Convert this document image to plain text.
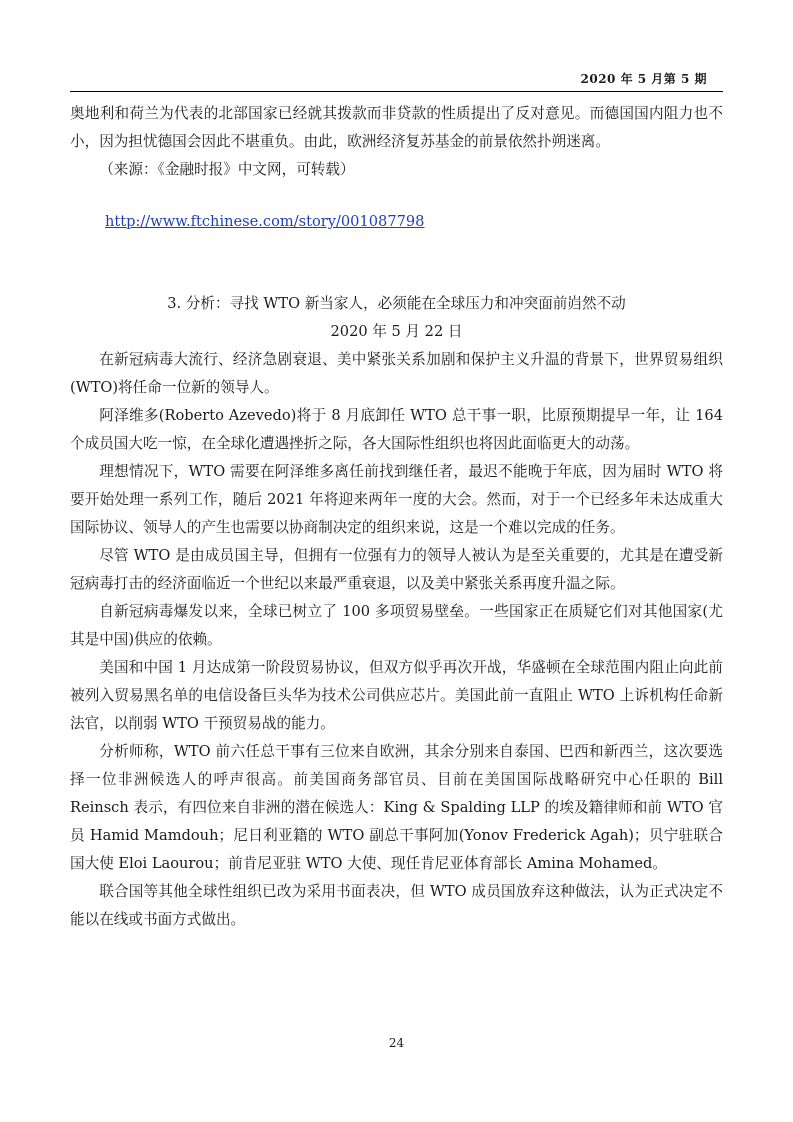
2020 年 5 月第 5 期

奥地利和荷兰为代表的北部国家已经就其拨款而非贷款的性质提出了反对意见。而德国国内阻力也不小，因为担忧德国会因此不堪重负。由此，欧洲经济复苏基金的前景依然扑朔迷离。

（来源：《金融时报》中文网，可转载）

http://www.ftchinese.com/story/001087798

3. 分析：寻找 WTO 新当家人，必须能在全球压力和冲突面前岿然不动

2020 年 5 月 22 日

在新冠病毒大流行、经济急剧衰退、美中紧张关系加剧和保护主义升温的背景下，世界贸易组织(WTO)将任命一位新的领导人。

阿泽维多(Roberto Azevedo)将于 8 月底卸任 WTO 总干事一职，比原预期提早一年，让 164 个成员国大吃一惊，在全球化遭遇挫折之际，各大国际性组织也将因此面临更大的动荡。

理想情况下，WTO 需要在阿泽维多离任前找到继任者，最迟不能晚于年底，因为届时 WTO 将要开始处理一系列工作，随后 2021 年将迎来两年一度的大会。然而，对于一个已经多年未达成重大国际协议、领导人的产生也需要以协商制决定的组织来说，这是一个难以完成的任务。

尽管 WTO 是由成员国主导，但拥有一位强有力的领导人被认为是至关重要的，尤其是在遭受新冠病毒打击的经济面临近一个世纪以来最严重衰退，以及美中紧张关系再度升温之际。

自新冠病毒爆发以来，全球已树立了 100 多项贸易壁垒。一些国家正在质疑它们对其他国家(尤其是中国)供应的依赖。

美国和中国 1 月达成第一阶段贸易协议，但双方似乎再次开战，华盛顿在全球范围内阻止向此前被列入贸易黑名单的电信设备巨头华为技术公司供应芯片。美国此前一直阻止 WTO 上诉机构任命新法官，以削弱 WTO 干预贸易战的能力。

分析师称，WTO 前六任总干事有三位来自欧洲，其余分别来自泰国、巴西和新西兰，这次要选择一位非洲候选人的呼声很高。前美国商务部官员、目前在美国国际战略研究中心任职的 Bill Reinsch 表示，有四位来自非洲的潜在候选人：King & Spalding LLP 的埃及籍律师和前 WTO 官员 Hamid Mamdouh；尼日利亚籍的 WTO 副总干事阿加(Yonov Frederick Agah)；贝宁驻联合国大使 Eloi Laourou；前肯尼亚驻 WTO 大使、现任肯尼亚体育部长 Amina Mohamed。

联合国等其他全球性组织已改为采用书面表决，但 WTO 成员国放弃这种做法，认为正式决定不能以在线或书面方式做出。

24
